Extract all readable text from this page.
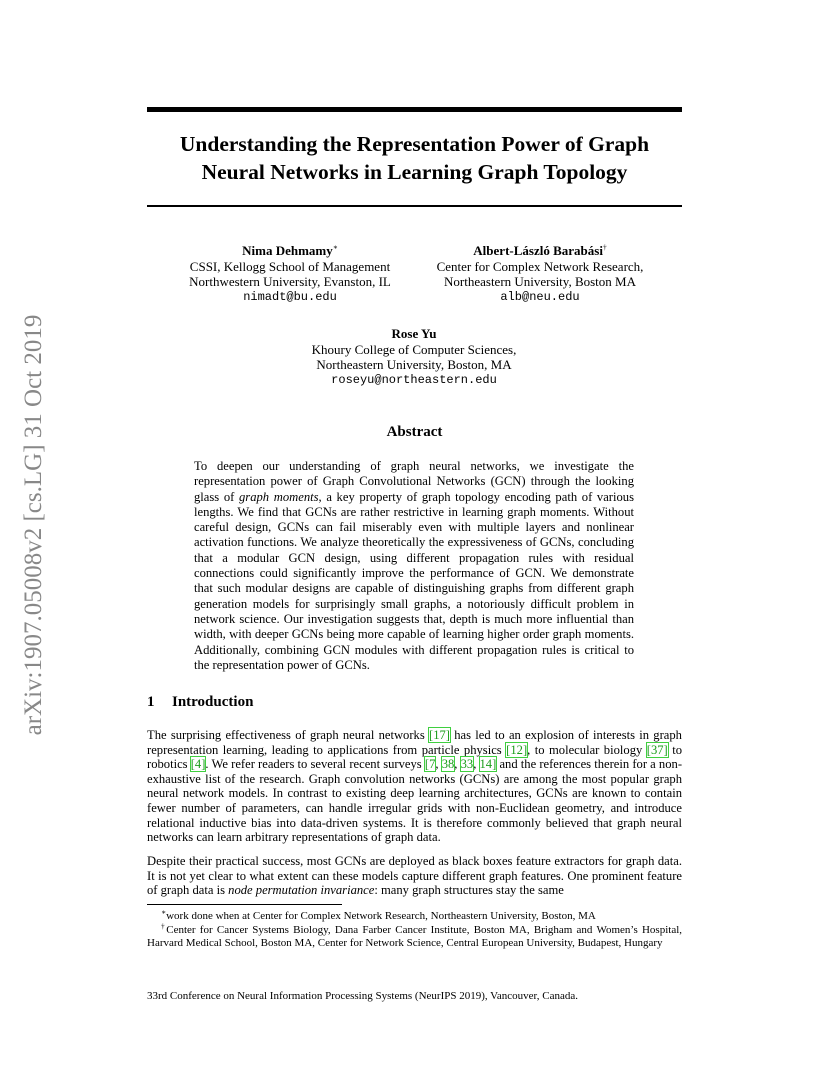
arXiv:1907.05008v2 [cs.LG] 31 Oct 2019
Understanding the Representation Power of Graph Neural Networks in Learning Graph Topology
Nima Dehmamy∗
CSSI, Kellogg School of Management
Northwestern University, Evanston, IL
nimadt@bu.edu
Albert-László Barabási†
Center for Complex Network Research,
Northeastern University, Boston MA
alb@neu.edu
Rose Yu
Khoury College of Computer Sciences,
Northeastern University, Boston, MA
roseyu@northeastern.edu
Abstract
To deepen our understanding of graph neural networks, we investigate the representation power of Graph Convolutional Networks (GCN) through the looking glass of graph moments, a key property of graph topology encoding path of various lengths. We find that GCNs are rather restrictive in learning graph moments. Without careful design, GCNs can fail miserably even with multiple layers and nonlinear activation functions. We analyze theoretically the expressiveness of GCNs, concluding that a modular GCN design, using different propagation rules with residual connections could significantly improve the performance of GCN. We demonstrate that such modular designs are capable of distinguishing graphs from different graph generation models for surprisingly small graphs, a notoriously difficult problem in network science. Our investigation suggests that, depth is much more influential than width, with deeper GCNs being more capable of learning higher order graph moments. Additionally, combining GCN modules with different propagation rules is critical to the representation power of GCNs.
1 Introduction

The surprising effectiveness of graph neural networks [17] has led to an explosion of interests in graph representation learning, leading to applications from particle physics [12], to molecular biology [37] to robotics [4]. We refer readers to several recent surveys [7, 38, 33, 14] and the references therein for a non-exhaustive list of the research. Graph convolution networks (GCNs) are among the most popular graph neural network models. In contrast to existing deep learning architectures, GCNs are known to contain fewer number of parameters, can handle irregular grids with non-Euclidean geometry, and introduce relational inductive bias into data-driven systems. It is therefore commonly believed that graph neural networks can learn arbitrary representations of graph data.

Despite their practical success, most GCNs are deployed as black boxes feature extractors for graph data. It is not yet clear to what extent can these models capture different graph features. One prominent feature of graph data is node permutation invariance: many graph structures stay the same

∗work done when at Center for Complex Network Research, Northeastern University, Boston, MA
†Center for Cancer Systems Biology, Dana Farber Cancer Institute, Boston MA, Brigham and Women’s Hospital, Harvard Medical School, Boston MA, Center for Network Science, Central European University, Budapest, Hungary
33rd Conference on Neural Information Processing Systems (NeurIPS 2019), Vancouver, Canada.
